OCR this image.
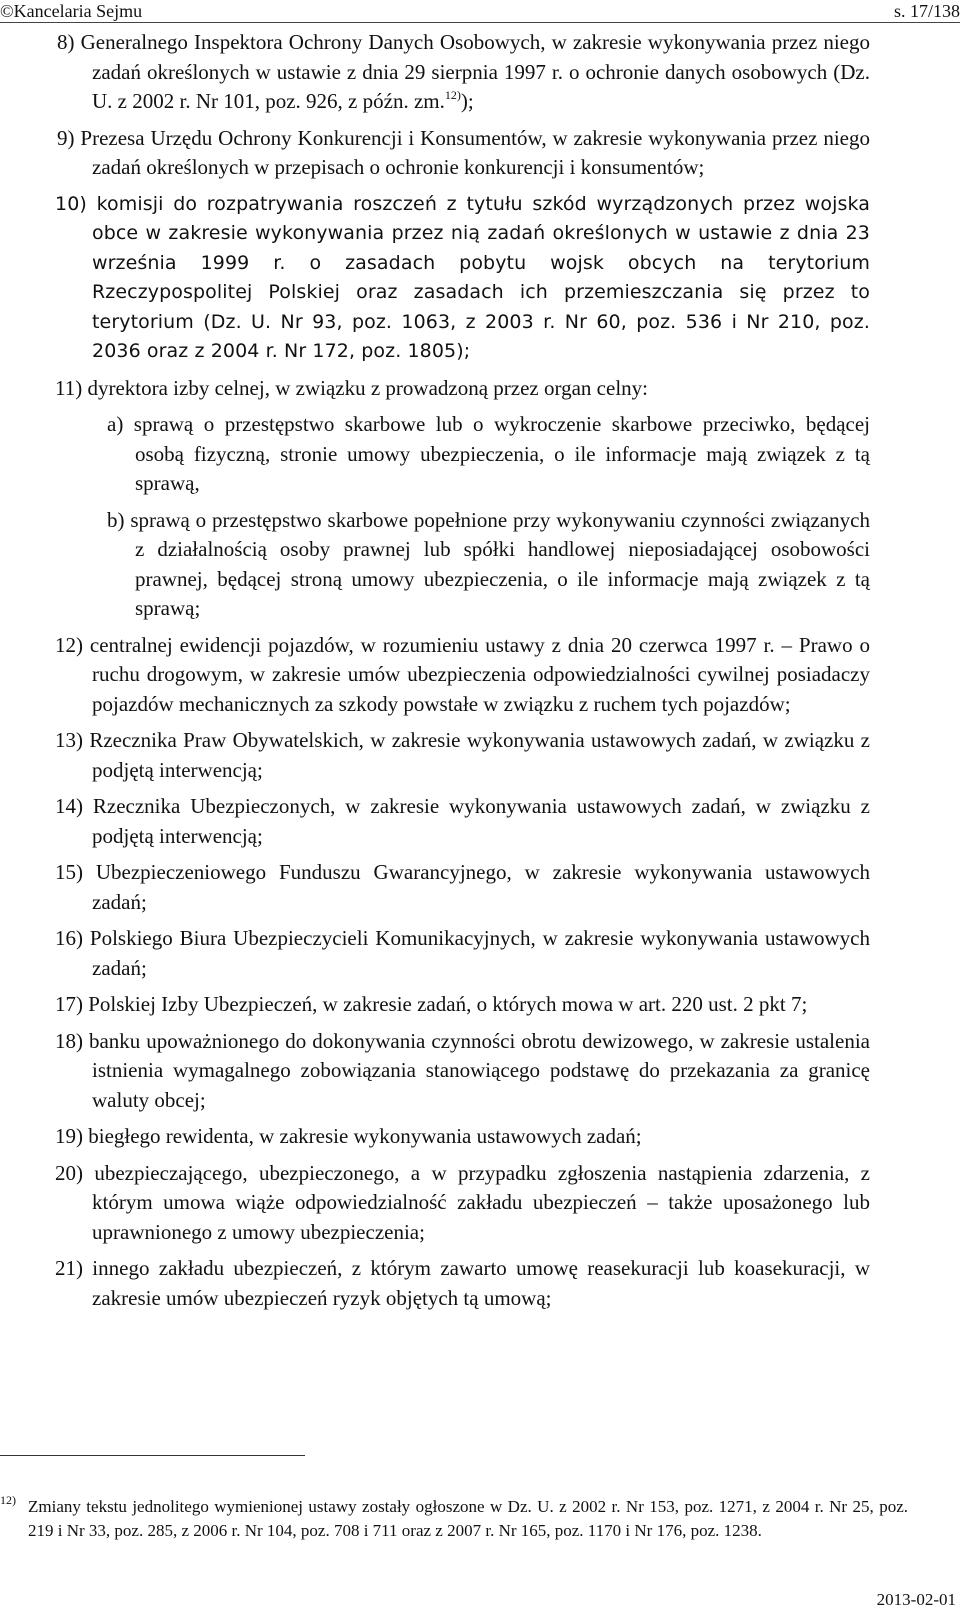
©Kancelaria Sejmu	s. 17/138

8) Generalnego Inspektora Ochrony Danych Osobowych, w zakresie wykonywania przez niego zadań określonych w ustawie z dnia 29 sierpnia 1997 r. o ochronie danych osobowych (Dz. U. z 2002 r. Nr 101, poz. 926, z późn. zm.$^{12)}$);

9) Prezesa Urzędu Ochrony Konkurencji i Konsumentów, w zakresie wykonywania przez niego zadań określonych w przepisach o ochronie konkurencji i konsumentów;

10) komisji do rozpatrywania roszczeń z tytułu szkód wyrządzonych przez wojska obce w zakresie wykonywania przez nią zadań określonych w ustawie z dnia 23 września 1999 r. o zasadach pobytu wojsk obcych na terytorium Rzeczypospolitej Polskiej oraz zasadach ich przemieszczania się przez to terytorium (Dz. U. Nr 93, poz. 1063, z 2003 r. Nr 60, poz. 536 i Nr 210, poz. 2036 oraz z 2004 r. Nr 172, poz. 1805);

11) dyrektora izby celnej, w związku z prowadzoną przez organ celny:

a) sprawą o przestępstwo skarbowe lub o wykroczenie skarbowe przeciwko, będącej osobą fizyczną, stronie umowy ubezpieczenia, o ile informacje mają związek z tą sprawą,

b) sprawą o przestępstwo skarbowe popełnione przy wykonywaniu czynności związanych z działalnością osoby prawnej lub spółki handlowej nieposiadającej osobowości prawnej, będącej stroną umowy ubezpieczenia, o ile informacje mają związek z tą sprawą;

12) centralnej ewidencji pojazdów, w rozumieniu ustawy z dnia 20 czerwca 1997 r. – Prawo o ruchu drogowym, w zakresie umów ubezpieczenia odpowiedzialności cywilnej posiadaczy pojazdów mechanicznych za szkody powstałe w związku z ruchem tych pojazdów;

13) Rzecznika Praw Obywatelskich, w zakresie wykonywania ustawowych zadań, w związku z podjętą interwencją;

14) Rzecznika Ubezpieczonych, w zakresie wykonywania ustawowych zadań, w związku z podjętą interwencją;

15) Ubezpieczeniowego Funduszu Gwarancyjnego, w zakresie wykonywania ustawowych zadań;

16) Polskiego Biura Ubezpieczycieli Komunikacyjnych, w zakresie wykonywania ustawowych zadań;

17) Polskiej Izby Ubezpieczeń, w zakresie zadań, o których mowa w art. 220 ust. 2 pkt 7;

18) banku upoważnionego do dokonywania czynności obrotu dewizowego, w zakresie ustalenia istnienia wymagalnego zobowiązania stanowiącego podstawę do przekazania za granicę waluty obcej;

19) biegłego rewidenta, w zakresie wykonywania ustawowych zadań;

20) ubezpieczającego, ubezpieczonego, a w przypadku zgłoszenia nastąpienia zdarzenia, z którym umowa wiąże odpowiedzialność zakładu ubezpieczeń – także uposażonego lub uprawnionego z umowy ubezpieczenia;

21) innego zakładu ubezpieczeń, z którym zawarto umowę reasekuracji lub koasekuracji, w zakresie umów ubezpieczeń ryzyk objętych tą umową;

12) Zmiany tekstu jednolitego wymienionej ustawy zostały ogłoszone w Dz. U. z 2002 r. Nr 153, poz. 1271, z 2004 r. Nr 25, poz. 219 i Nr 33, poz. 285, z 2006 r. Nr 104, poz. 708 i 711 oraz z 2007 r. Nr 165, poz. 1170 i Nr 176, poz. 1238.
2013-02-01
